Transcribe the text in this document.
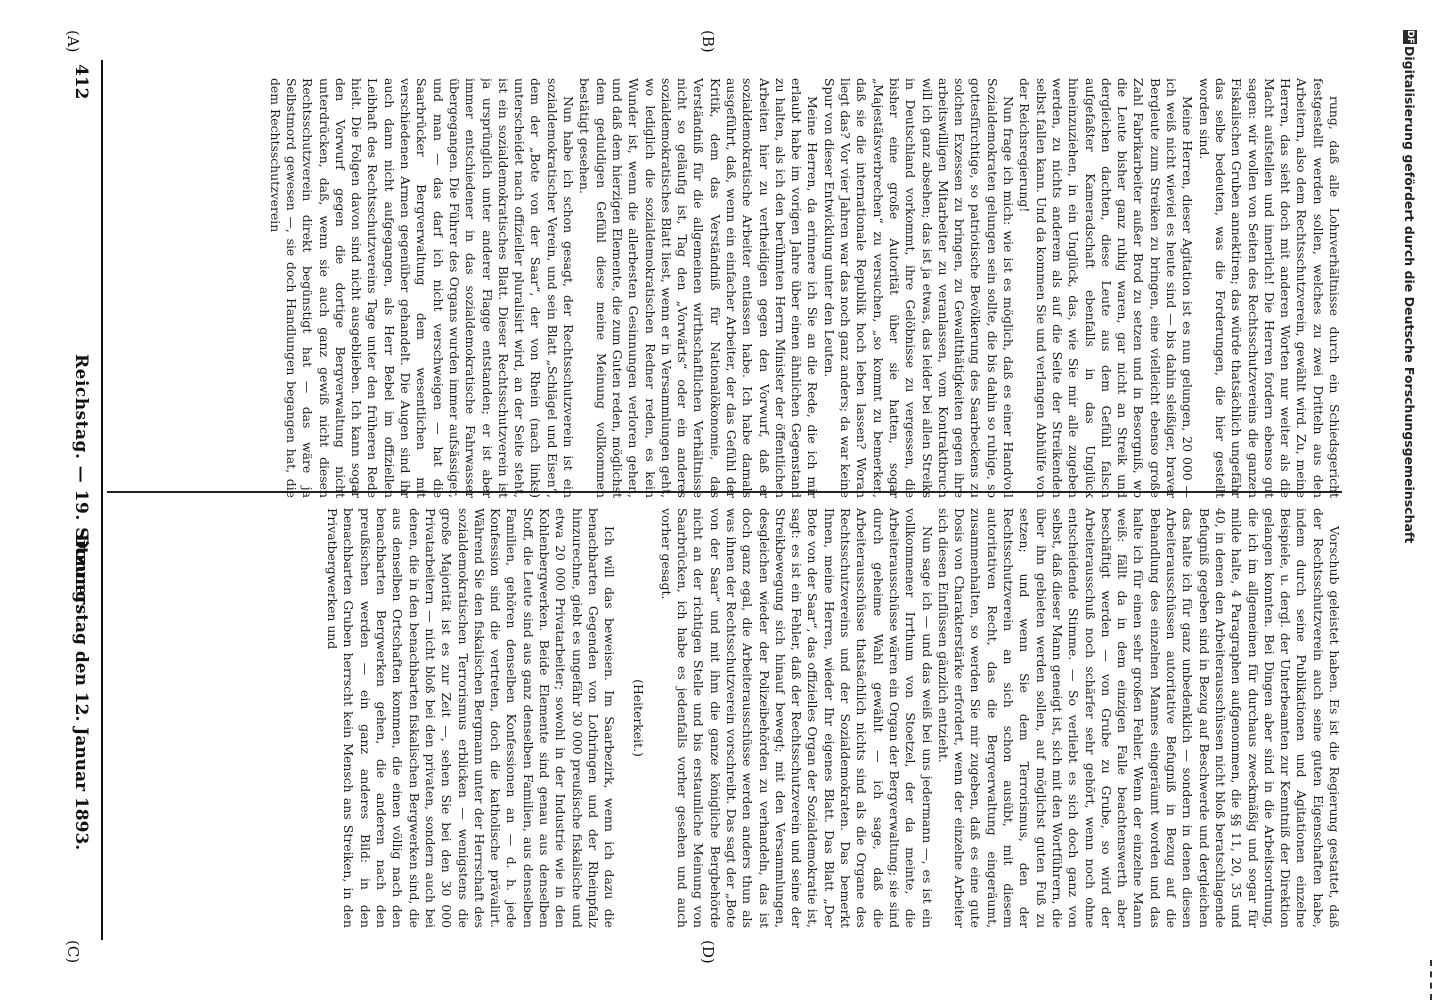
DFG
Digitalisierung gefördert durch die Deutsche Forschungsgemeinschaft
412
Reichstag. — 19. Sitzung.
Donnerstag den 12. Januar 1893.
(A)	(B)
(C)	(D)

rung, daß alle Lohnverhältnisse durch ein Schiedsgericht festgestellt werden sollen, welches zu zwei Dritteln aus den Arbeitern, also dem Rechtsschutzverein, gewählt wird. Zu, meine Herren, das sieht doch mit anderen Worten nur weiter als die Macht aufstellen und innerlich! Die Herren fordern ebenso gut sagen: wir wollen von Seiten des Rechtsschutzvereins die ganzen Fiskalischen Gruben annektiren; das würde thatsächlich ungefähr das selbe bedeuten, was die Forderungen, die hier gestellt worden sind.

Meine Herren, dieser Agitation ist es nun gelungen, 20 000 — ich weiß nicht wieviel es heute sind — bis dahin sleißiger, braver Bergleute zum Streiken zu bringen, eine vielleicht ebenso große Zahl Fabrikarbeiter außer Brod zu setzen und in Besorgniß, wo die Leute bisher ganz ruhig waren, gar nicht an Streik und dergleichen dachten, diese Leute aus dem Gefühl falsch aufgefaßter Kameradschaft ebenfalls in das Unglück hineinzuziehen, in ein Unglück, das, wie Sie mir alle zugeben werden, zu nichts anderem als auf die Seite der Streikenden selbst fallen kann. Und da kommen Sie und verlangen Abhülfe von der Reichsregierung!

Nun frage ich mich: wie ist es möglich, daß es einer Handvoll Sozialdemokraten gelungen sein sollte, die bis dahin so ruhige, so gottesfürchtige, so patriotische Bevölkerung des Saarbeckens zu solchen Exzessen zu bringen, zu Gewaltthätigkeiten gegen ihre arbeitswilligen Mitarbeiter zu veranlassen, vom Kontraktbruch will ich ganz absehen; das ist ja etwas, das leider bei allen Streiks in Deutschland vorkommt, ihre Gelöbnisse zu vergessen, die bisher eine große Autorität über sie hatten, sogar „Majestätsverbrechen“ zu versuchen, „so kommt zu bemerken, daß sie die internationale Republik hoch leben lassen? Woran liegt das? Vor vier Jahren war das noch ganz anders; da war keine Spur von dieser Entwicklung unter den Leuten.

Meine Herren, da erinnere ich Sie an die Rede, die ich mir erlaubt habe im vorigen Jahre über einen ähnlichen Gegenstand zu halten, als ich den berühmten Herrn Minister der öffentlichen Arbeiten hier zu vertheidigen gegen den Vorwurf, daß er sozialdemokratische Arbeiter entlassen habe. Ich habe damals ausgeführt, daß, wenn ein einfacher Arbeiter, der das Gefühl der Kritik, dem das Verständniß für Nationalökonomie, das Verständniß für die allgemeinen wirthschaftlichen Verhältnisse nicht so geläufig ist, Tag den „Vorwärts“ oder ein anderes sozialdemokratisches Blatt liest, wenn er in Versammlungen geht, wo lediglich die sozialdemokratischen Redner reden, es kein Wunder ist, wenn die allerbesten Gesinnungen verloren gehen, und daß dem hierzigen Elemente, die zum Guten reden, möglichst dem geduldigen Gefühl diese meine Meinung vollkommen bestätigt gesehen.

Nun habe ich schon gesagt, der Rechtsschutzverein ist ein sozialdemokratischer Verein, und sein Blatt „Schlägel und Eisen“, dem der „Bote von der Saar“, der von Rhein (nach links) unterscheidet nach offizieller pluralisirt wird, an der Seite steht, ist ein sozialdemokratisches Blatt. Dieser Rechtsschutzverein ist ja ursprünglich unter anderer Flagge entstanden; er ist aber immer entschiedener in das sozialdemokratische Fahrwasser übergegangen. Die Führer des Organs wurden immer aufsässiger, und man — das darf ich nicht verschweigen — hat die Saarbrücker Bergverwaltung dem wesentlichen mit verschiedenen Armen gegenüber gehandelt. Die Augen sind ihr auch dann nicht aufgegangen, als Herr Bebel im offiziellen Leibhaft des Rechtsschutzvereins Tage unter den früheren Rede hielt. Die Folgen davon sind nicht ausgeblieben. Ich kann sogar den Vorwurf gegen die dortige Bergverwaltung nicht unterdrücken, daß, wenn sie auch ganz gewiß nicht diesen Rechtsschutzverein direkt begünstigt hat — das wäre ja Selbstmord gewesen —, sie doch Handlungen begangen hat, die dem Rechtsschutzverein

Vorschub geleistet haben. Es ist die Regierung gestattet, daß der Rechtsschutzverein auch seine guten Eigenschaften habe, indem durch seine Publikationen und Agitationen einzelne Beispiele, u. dergl. der Unterbeamten zur Kenntniß der Direktion gelangen konnten. Bei Dingen aber sind in die Arbeitsordnung, die ich im allgemeinen für durchaus zweckmäßig und sogar für milde halte, 4 Paragraphen aufgenommen, die §§ 11, 20, 35 und 40, in denen den Arbeiterausschüssen nicht bloß beratschlagende Befugniß gegeben sind in Bezug auf Beschwerde und dergleichen das halte ich für ganz unbedenklich — sondern in denen diesen Arbeiterausschüssen autoritative Befugniß in Bezug auf die Behandlung des einzelnen Mannes eingeräumt worden und das halte ich für einen sehr großen Fehler. Wenn der einzelne Mann weiß: fällt da in dem einzigen Falle beachtenswerth aber beschäftigt werden — von Grube zu Grube, so wird der Arbeiterausschuß noch schärfer sehr gehört, wenn noch ohne entscheidende Stimme. — So verliebt es sich doch ganz von selbst, daß dieser Mann geneigt ist, sich mit den Wortführern, die über ihn gebieten werden sollen, auf möglichst guten Fuß zu setzen; und wenn Sie dem Terrorismus, den der Rechtsschutzverein an sich schon ausübt, mit diesem autoritativen Recht, das die Bergverwaltung eingeräumt, zusammenhalten, so werden Sie mir zugeben, daß es eine gute Dosis von Charakterstärke erfordert, wenn der einzelne Arbeiter sich diesen Einflüssen gänzlich entzieht.

Nun sage ich — und das weiß bei uns jedermann —, es ist ein vollkommener Irrthum von Stoetzel, der da meinte, die Arbeiterausschüsse wären ein Organ der Bergverwaltung; sie sind durch geheime Wahl gewählt — ich sage, daß die Arbeiterausschüsse thatsächlich nichts sind als die Organe des Rechtsschutzvereins und der Sozialdemokraten. Das bemerkt Ihnen, meine Herren, wieder Ihr eigenes Blatt. Das Blatt „Der Bote von der Saar“, das offizielles Organ der Sozialdemokratie ist, sagt: es ist ein Fehler, daß der Rechtsschutzverein und seine der Streikbewegung sich hinauf bewegt; mit den Versammlungen, desgleichen wieder der Polizeibehörden zu verhandeln, das ist doch ganz egal, die Arbeiterausschüsse werden anders thun als was ihnen der Rechtsschutzverein vorschreibt. Das sagt der „Bote von der Saar“ und mit ihm die ganze königliche Bergbehörde nicht an der richtigen Stelle und bis erstaunliche Meinung von Saarbrücken, ich habe es jedenfalls vorher gesehen und auch vorher gesagt.

(Heiterkeit.)

Ich will das beweisen. Im Saarbezirk, wenn ich dazu die benachbarten Gegenden von Lothringen und der Rheinpfalz hinzurechne, giebt es ungefähr 30 000 preußische fiskalische und etwa 20 000 Privatarbeiter; sowohl in der Industrie wie in den Kohlenbergwerken. Beide Elemente sind genau aus denselben Stoff, die Leute sind aus ganz denselben Familien, aus denselben Familien, gehören denselben Konfessionen an — d. h. jede Konfession sind die vertreten, doch die katholische prävalirt. Während Sie den fiskalischen Bergmann unter der Herrschaft des sozialdemokratischen Terrorismus erblicken — wenigstens die große Majorität ist es zur Zeit —, sehen Sie bei den 30 000 Privatarbeitern — nicht bloß bei den privaten, sondern auch bei denen, die in den benachbarten fiskalischen Bergwerken sind, die aus denselben Ortschaften kommen, die einen völlig nach den benachbarten Bergwerken gehen, die anderen nach den preußischen werden — ein ganz anderes Bild: in den benachbarten Gruben herrscht kein Mensch ans Streiken, in den Privatbergwerken und
